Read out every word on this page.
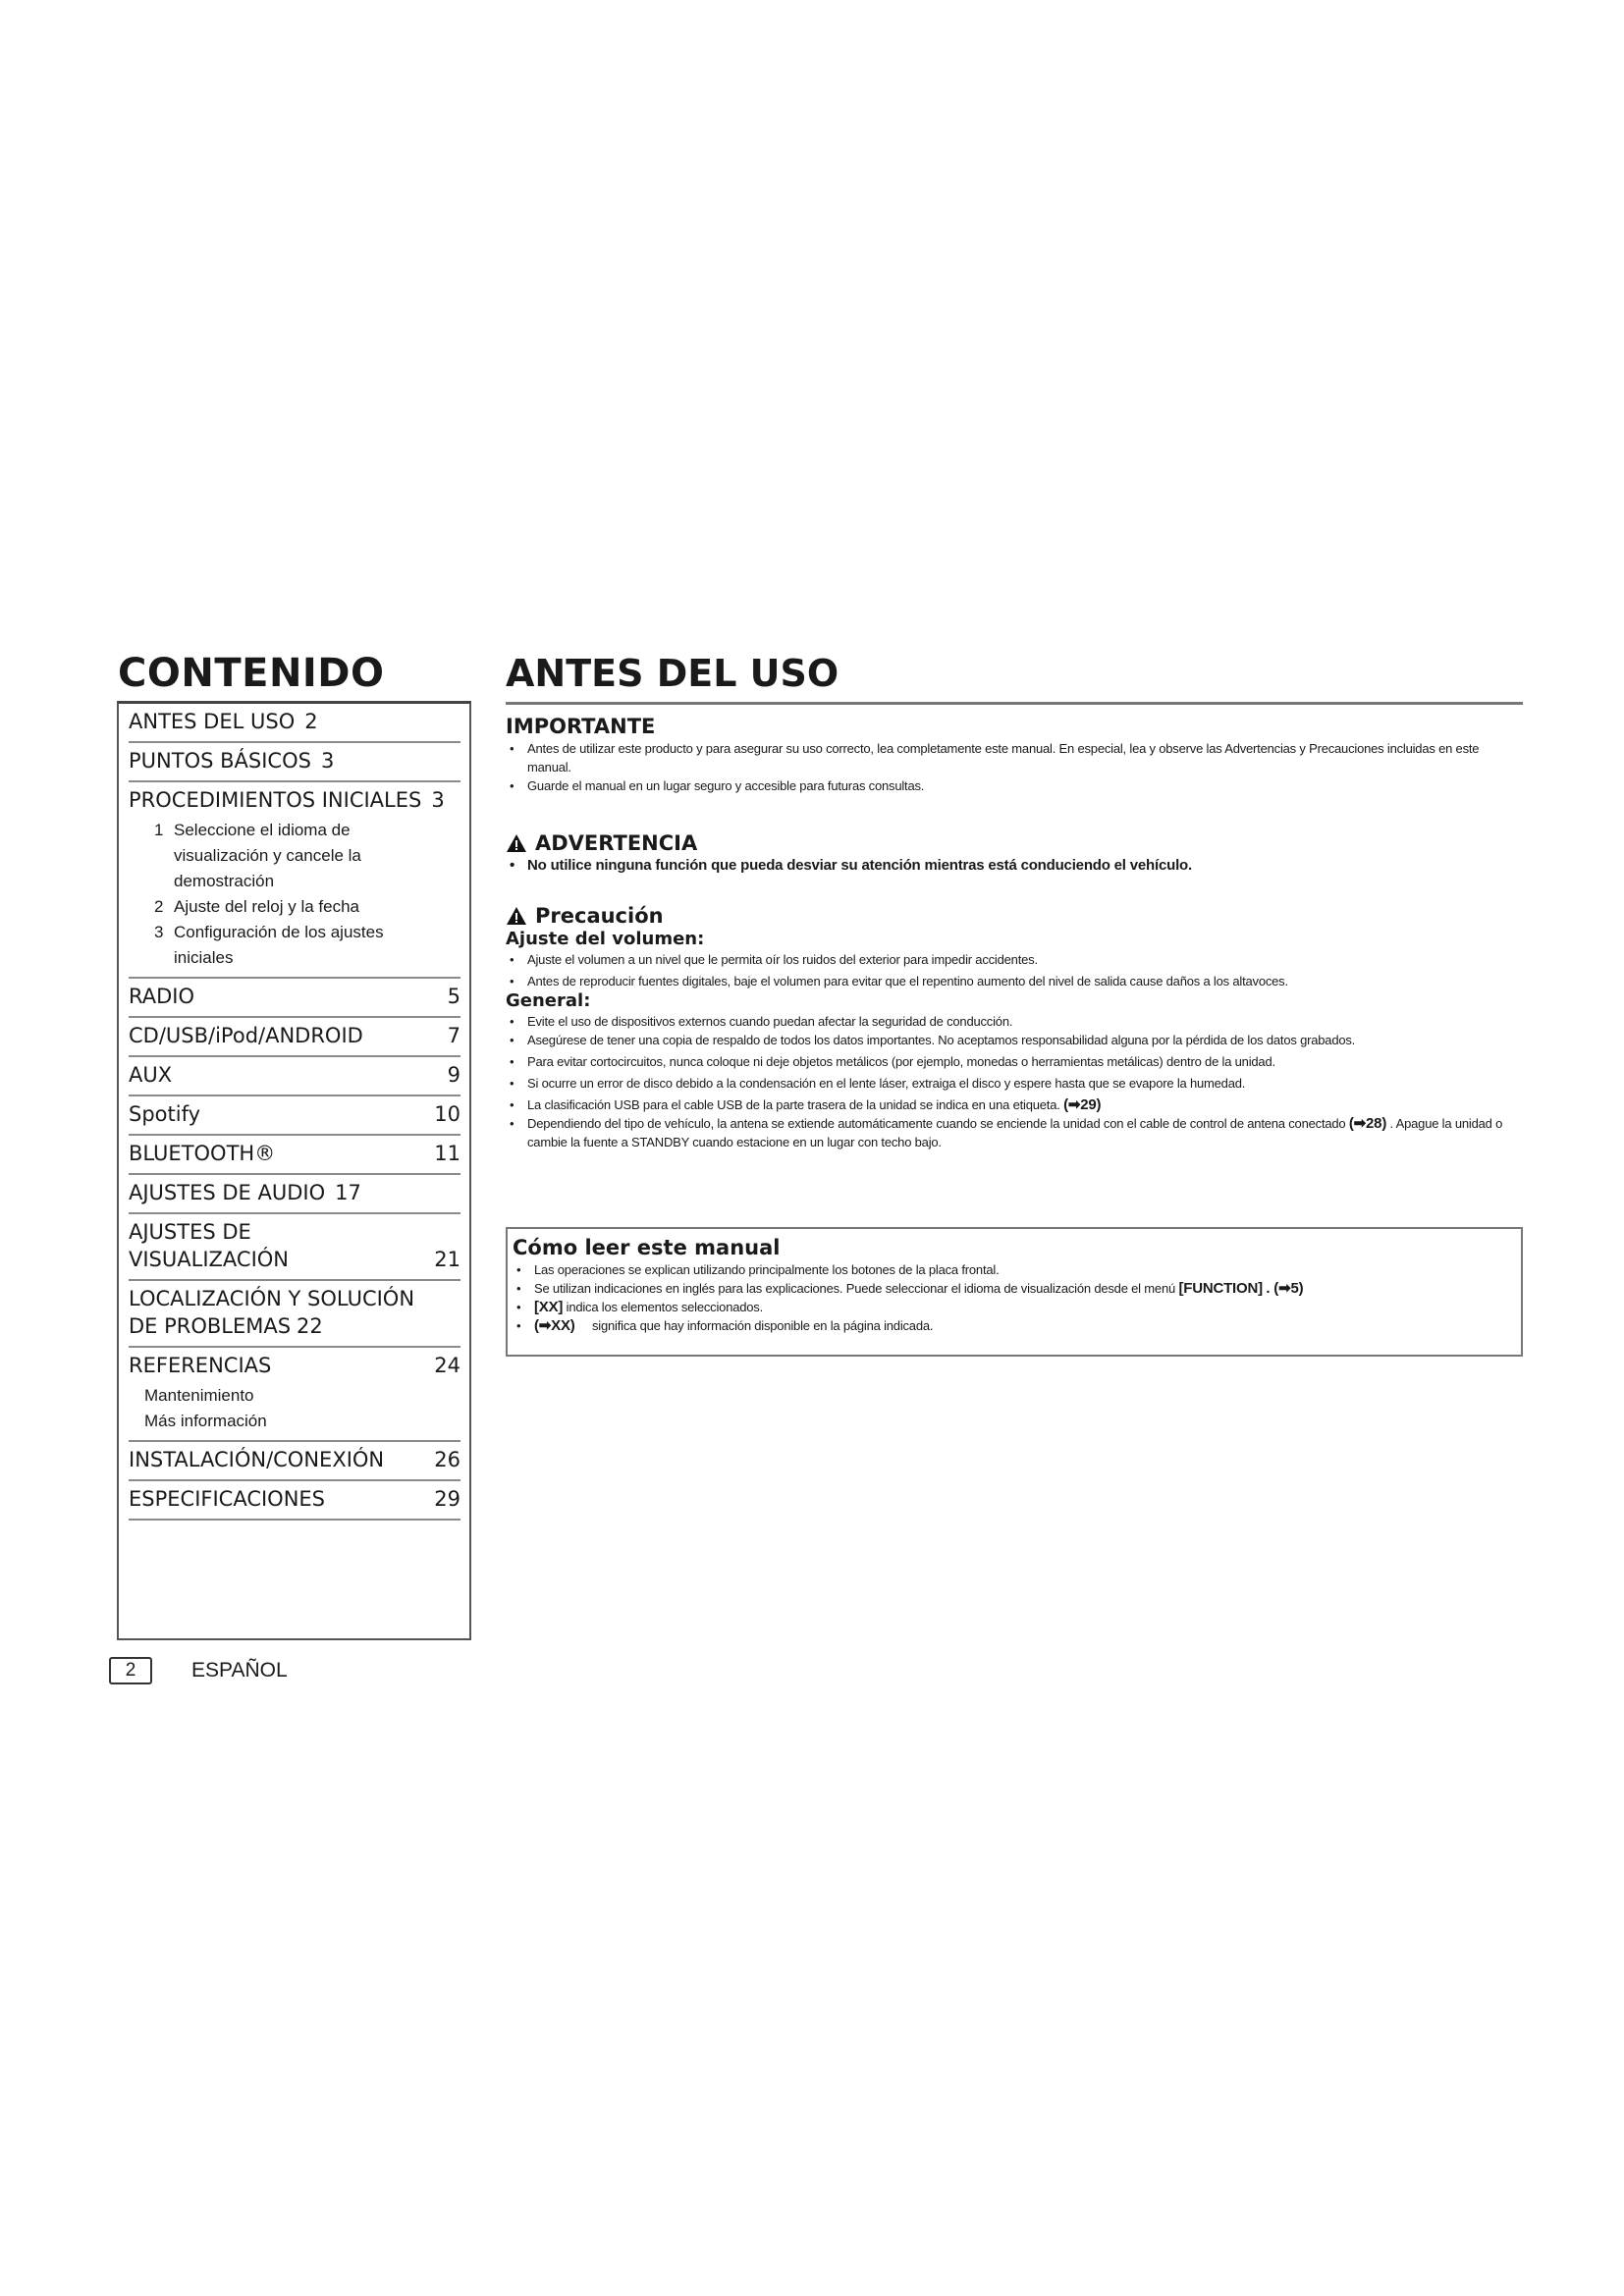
CONTENIDO
ANTES DEL USO 2
PUNTOS BÁSICOS 3
PROCEDIMIENTOS INICIALES 3
1 Seleccione el idioma de
visualización y cancele la
demostración
2 Ajuste del reloj y la fecha
3 Configuración de los ajustes
iniciales
RADIO	5
CD/USB/iPod/ANDROID	7
AUX	9
Spotify	10
BLUETOOTH®	11
AJUSTES DE AUDIO 17
AJUSTES DE
VISUALIZACIÓN	21
LOCALIZACIÓN Y SOLUCIÓN
DE PROBLEMAS 22
REFERENCIAS	24
Mantenimiento
Más información
INSTALACIÓN/CONEXIÓN 26
ESPECIFICACIONES	29
2	ESPAÑOL
ANTES DEL USO
IMPORTANTE
• Antes de utilizar este producto y para asegurar su uso correcto, lea completamente este manual. En especial, lea y observe las Advertencias y Precauciones incluidas en este manual.
• Guarde el manual en un lugar seguro y accesible para futuras consultas.
ADVERTENCIA
• No utilice ninguna función que pueda desviar su atención mientras está conduciendo el vehículo.
Precaución
Ajuste del volumen:
• Ajuste el volumen a un nivel que le permita oír los ruidos del exterior para impedir accidentes.
• Antes de reproducir fuentes digitales, baje el volumen para evitar que el repentino aumento del nivel de salida cause daños a los altavoces.
General:
• Evite el uso de dispositivos externos cuando puedan afectar la seguridad de conducción.
• Asegúrese de tener una copia de respaldo de todos los datos importantes. No aceptamos responsabilidad alguna por la pérdida de los datos grabados.
• Para evitar cortocircuitos, nunca coloque ni deje objetos metálicos (por ejemplo, monedas o herramientas metálicas) dentro de la unidad.
• Si ocurre un error de disco debido a la condensación en el lente láser, extraiga el disco y espere hasta que se evapore la humedad.
• La clasificación USB para el cable USB de la parte trasera de la unidad se indica en una etiqueta. (➡29)
• Dependiendo del tipo de vehículo, la antena se extiende automáticamente cuando se enciende la unidad con el cable de control de antena conectado (➡28) . Apague la unidad o cambie la fuente a STANDBY cuando estacione en un lugar con techo bajo.
Cómo leer este manual
• Las operaciones se explican utilizando principalmente los botones de la placa frontal.
• Se utilizan indicaciones en inglés para las explicaciones. Puede seleccionar el idioma de visualización desde el menú [FUNCTION] . (➡5)
• [XX] indica los elementos seleccionados.
• (➡XX) significa que hay información disponible en la página indicada.
